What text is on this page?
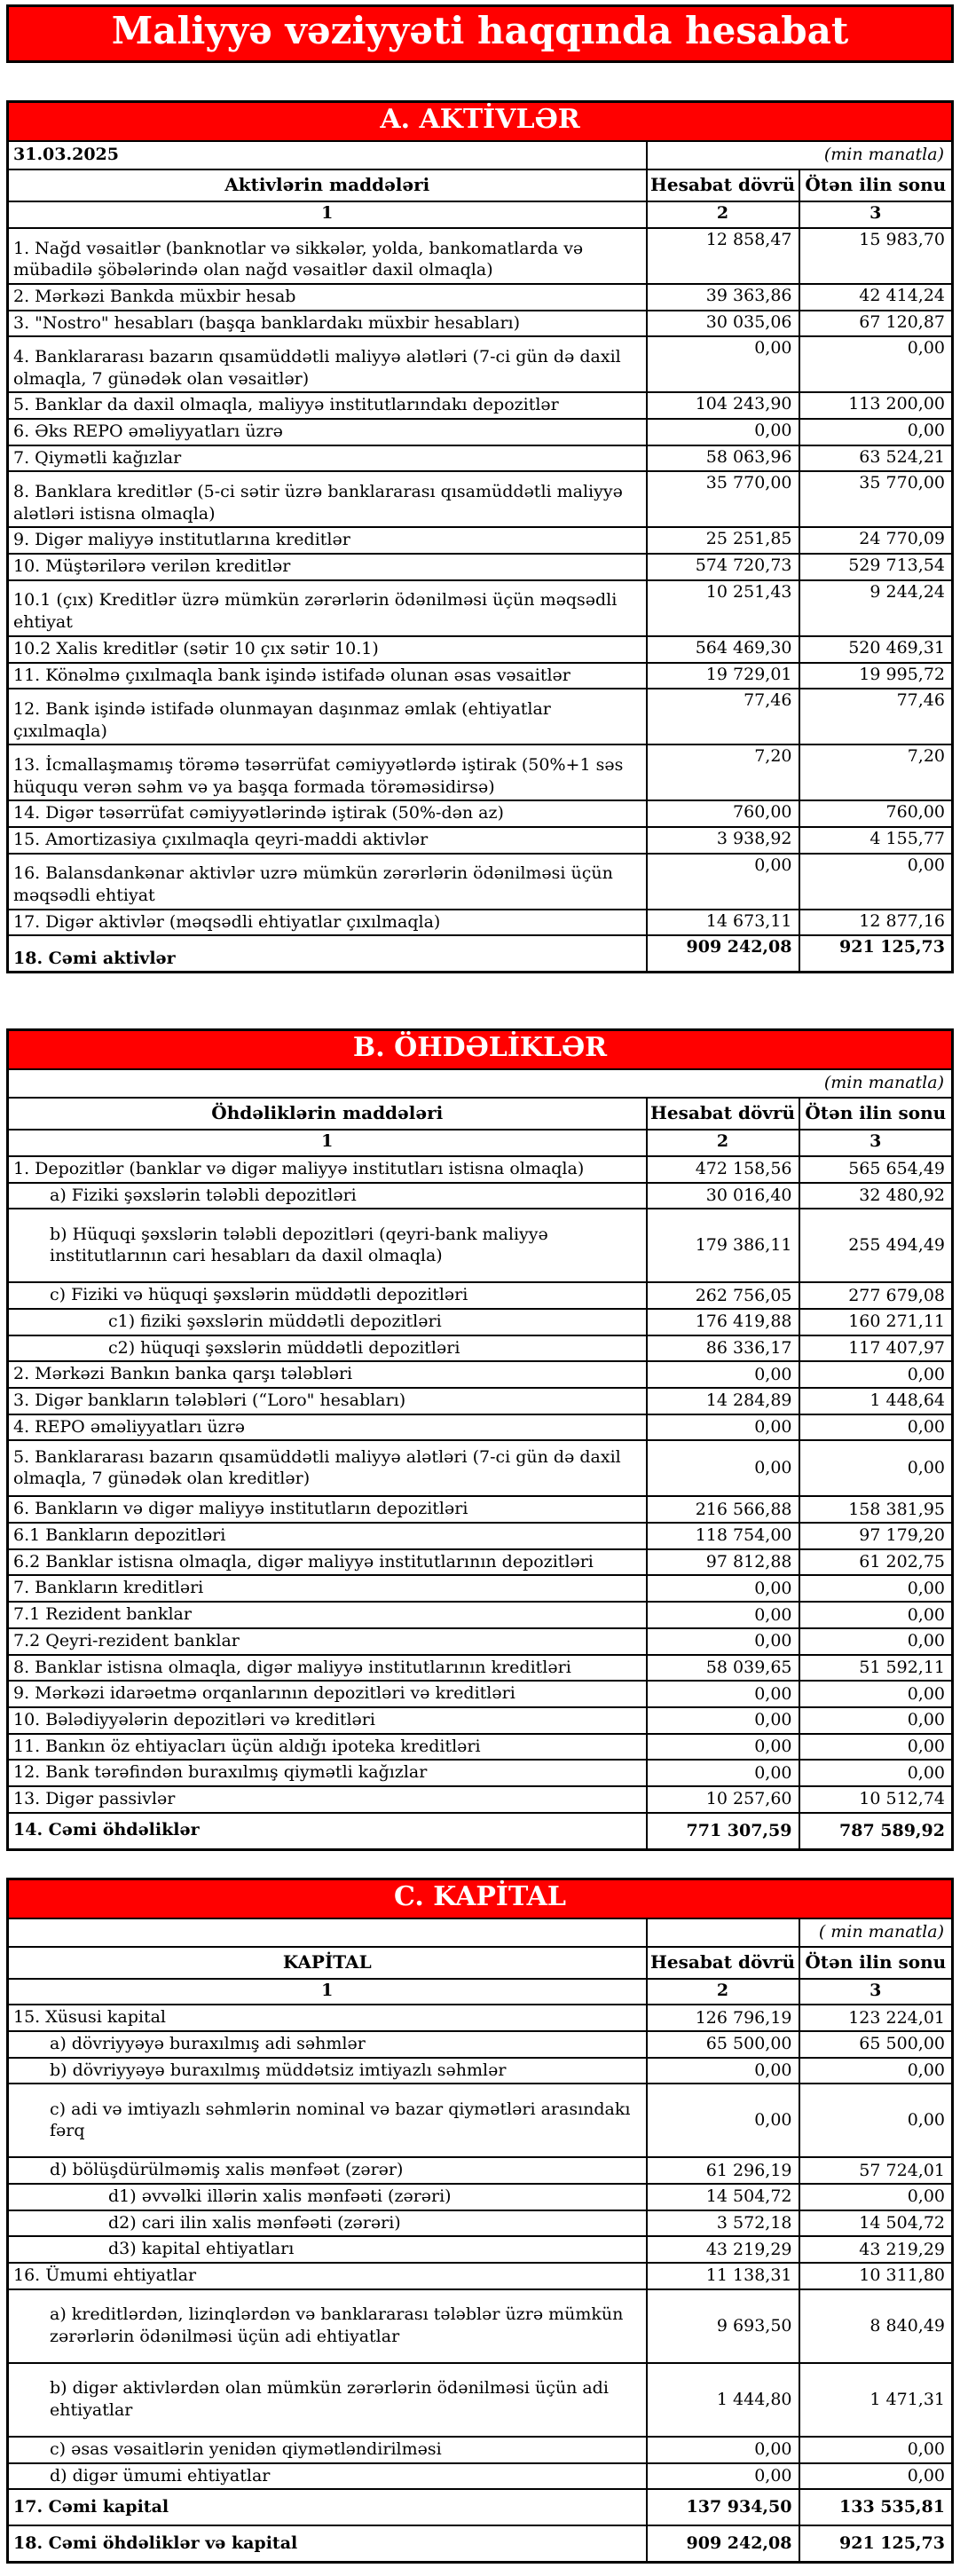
Maliyyə vəziyyəti haqqında hesabat
A. AKTİVLƏR		
31.03.2025	(min manatla)	
Aktivlərin maddələri	Hesabat dövrü	Ötən ilin sonu
1	2	3
1. Nağd vəsaitlər (banknotlar və sikkələr, yolda, bankomatlarda və mübadilə şöbələrində olan nağd vəsaitlər daxil olmaqla)	12 858,47	15 983,70
2. Mərkəzi Bankda müxbir hesab	39 363,86	42 414,24
3. "Nostro" hesabları (başqa banklardakı müxbir hesabları)	30 035,06	67 120,87
4. Banklararası bazarın qısamüddətli maliyyə alətləri (7-ci gün də daxil olmaqla, 7 günədək olan vəsaitlər)	0,00	0,00
5. Banklar da daxil olmaqla, maliyyə institutlarındakı depozitlər	104 243,90	113 200,00
6. Əks REPO əməliyyatları üzrə	0,00	0,00
7. Qiymətli kağızlar	58 063,96	63 524,21
8. Banklara kreditlər (5-ci sətir üzrə banklararası qısamüddətli maliyyə alətləri istisna olmaqla)	35 770,00	35 770,00
9. Digər maliyyə institutlarına kreditlər	25 251,85	24 770,09
10. Müştərilərə verilən kreditlər	574 720,73	529 713,54
10.1 (çıx) Kreditlər üzrə mümkün zərərlərin ödənilməsi üçün məqsədli ehtiyat	10 251,43	9 244,24
10.2 Xalis kreditlər (sətir 10 çıx sətir 10.1)	564 469,30	520 469,31
11. Könəlmə çıxılmaqla bank işində istifadə olunan əsas vəsaitlər	19 729,01	19 995,72
12. Bank işində istifadə olunmayan daşınmaz əmlak (ehtiyatlar çıxılmaqla)	77,46	77,46
13. İcmallaşmamış törəmə təsərrüfat cəmiyyətlərdə iştirak (50%+1 səs hüququ verən səhm və ya başqa formada törəməsidirsə)	7,20	7,20
14. Digər təsərrüfat cəmiyyətlərində iştirak (50%-dən az)	760,00	760,00
15. Amortizasiya çıxılmaqla qeyri-maddi aktivlər	3 938,92	4 155,77
16. Balansdankənar aktivlər uzrə mümkün zərərlərin ödənilməsi üçün məqsədli ehtiyat	0,00	0,00
17. Digər aktivlər (məqsədli ehtiyatlar çıxılmaqla)	14 673,11	12 877,16
18. Cəmi aktivlər	909 242,08	921 125,73
B. ÖHDƏLİKLƏR		
(min manatla)		
Öhdəliklərin maddələri	Hesabat dövrü	Ötən ilin sonu
1	2	3
1. Depozitlər (banklar və digər maliyyə institutları istisna olmaqla)	472 158,56	565 654,49
a) Fiziki şəxslərin tələbli depozitləri	30 016,40	32 480,92
b) Hüquqi şəxslərin tələbli depozitləri (qeyri-bank maliyyə institutlarının cari hesabları da daxil olmaqla)	179 386,11	255 494,49
c) Fiziki və hüquqi şəxslərin müddətli depozitləri	262 756,05	277 679,08
c1) fiziki şəxslərin müddətli depozitləri	176 419,88	160 271,11
c2) hüquqi şəxslərin müddətli depozitləri	86 336,17	117 407,97
2. Mərkəzi Bankın banka qarşı tələbləri	0,00	0,00
3. Digər bankların tələbləri (“Loro" hesabları)	14 284,89	1 448,64
4. REPO əməliyyatları üzrə	0,00	0,00
5. Banklararası bazarın qısamüddətli maliyyə alətləri (7-ci gün də daxil olmaqla, 7 günədək olan kreditlər)	0,00	0,00
6. Bankların və digər maliyyə institutların depozitləri	216 566,88	158 381,95
6.1 Bankların depozitləri	118 754,00	97 179,20
6.2 Banklar istisna olmaqla, digər maliyyə institutlarının depozitləri	97 812,88	61 202,75
7. Bankların kreditləri	0,00	0,00
7.1 Rezident banklar	0,00	0,00
7.2 Qeyri-rezident banklar	0,00	0,00
8. Banklar istisna olmaqla, digər maliyyə institutlarının kreditləri	58 039,65	51 592,11
9. Mərkəzi idarəetmə orqanlarının depozitləri və kreditləri	0,00	0,00
10. Bələdiyyələrin depozitləri və kreditləri	0,00	0,00
11. Bankın öz ehtiyacları üçün aldığı ipoteka kreditləri	0,00	0,00
12. Bank tərəfindən buraxılmış qiymətli kağızlar	0,00	0,00
13. Digər passivlər	10 257,60	10 512,74
14. Cəmi öhdəliklər	771 307,59	787 589,92
C. KAPİTAL		
		( min manatla)
KAPİTAL	Hesabat dövrü	Ötən ilin sonu
1	2	3
15. Xüsusi kapital	126 796,19	123 224,01
a) dövriyyəyə buraxılmış adi səhmlər	65 500,00	65 500,00
b) dövriyyəyə buraxılmış müddətsiz imtiyazlı səhmlər	0,00	0,00
c) adi və imtiyazlı səhmlərin nominal və bazar qiymətləri arasındakı fərq	0,00	0,00
d) bölüşdürülməmiş xalis mənfəət (zərər)	61 296,19	57 724,01
d1) əvvəlki illərin xalis mənfəəti (zərəri)	14 504,72	0,00
d2) cari ilin xalis mənfəəti (zərəri)	3 572,18	14 504,72
d3) kapital ehtiyatları	43 219,29	43 219,29
16. Ümumi ehtiyatlar	11 138,31	10 311,80
a) kreditlərdən, lizinqlərdən və banklararası tələblər üzrə mümkün zərərlərin ödənilməsi üçün adi ehtiyatlar	9 693,50	8 840,49
b) digər aktivlərdən olan mümkün zərərlərin ödənilməsi üçün adi ehtiyatlar	1 444,80	1 471,31
c) əsas vəsaitlərin yenidən qiymətləndirilməsi	0,00	0,00
d) digər ümumi ehtiyatlar	0,00	0,00
17. Cəmi kapital	137 934,50	133 535,81
18. Cəmi öhdəliklər və kapital	909 242,08	921 125,73
